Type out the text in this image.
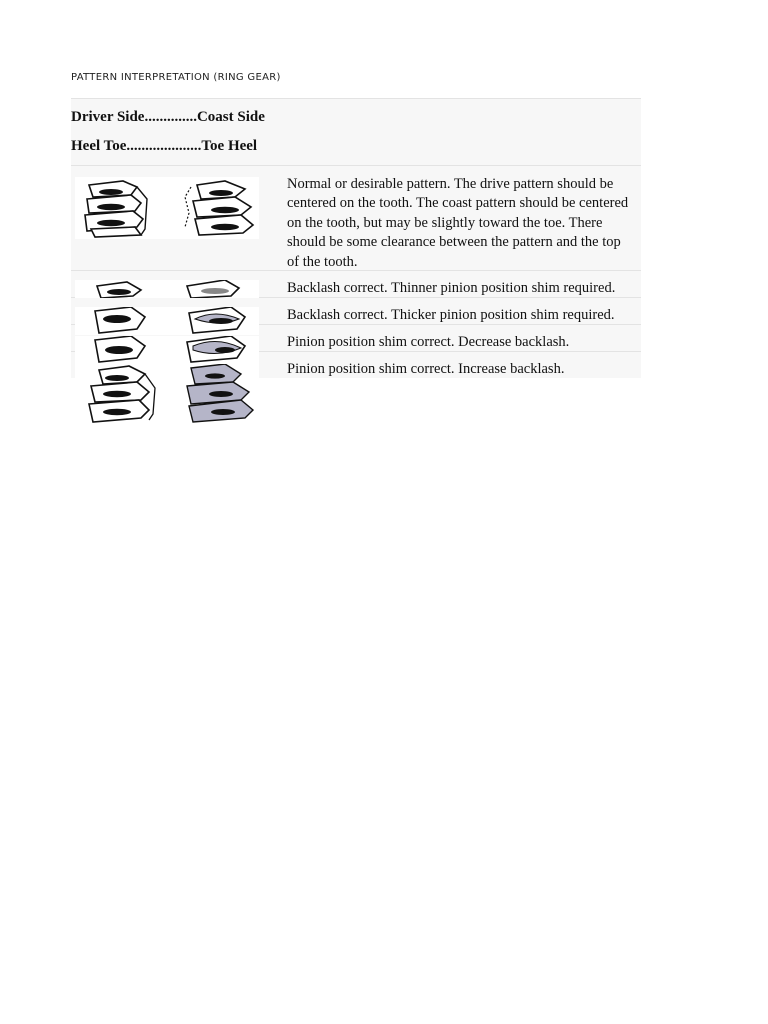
PATTERN INTERPRETATION (RING GEAR)
Driver Side..............Coast Side
Heel Toe....................Toe Heel
Normal or desirable pattern. The drive pattern should be centered on the tooth. The coast pattern should be centered on the tooth, but may be slightly toward the toe. There should be some clearance between the pattern and the top of the tooth.
Backlash correct. Thinner pinion position shim required.
Backlash correct. Thicker pinion position shim required.
Pinion position shim correct. Decrease backlash.
Pinion position shim correct. Increase backlash.
